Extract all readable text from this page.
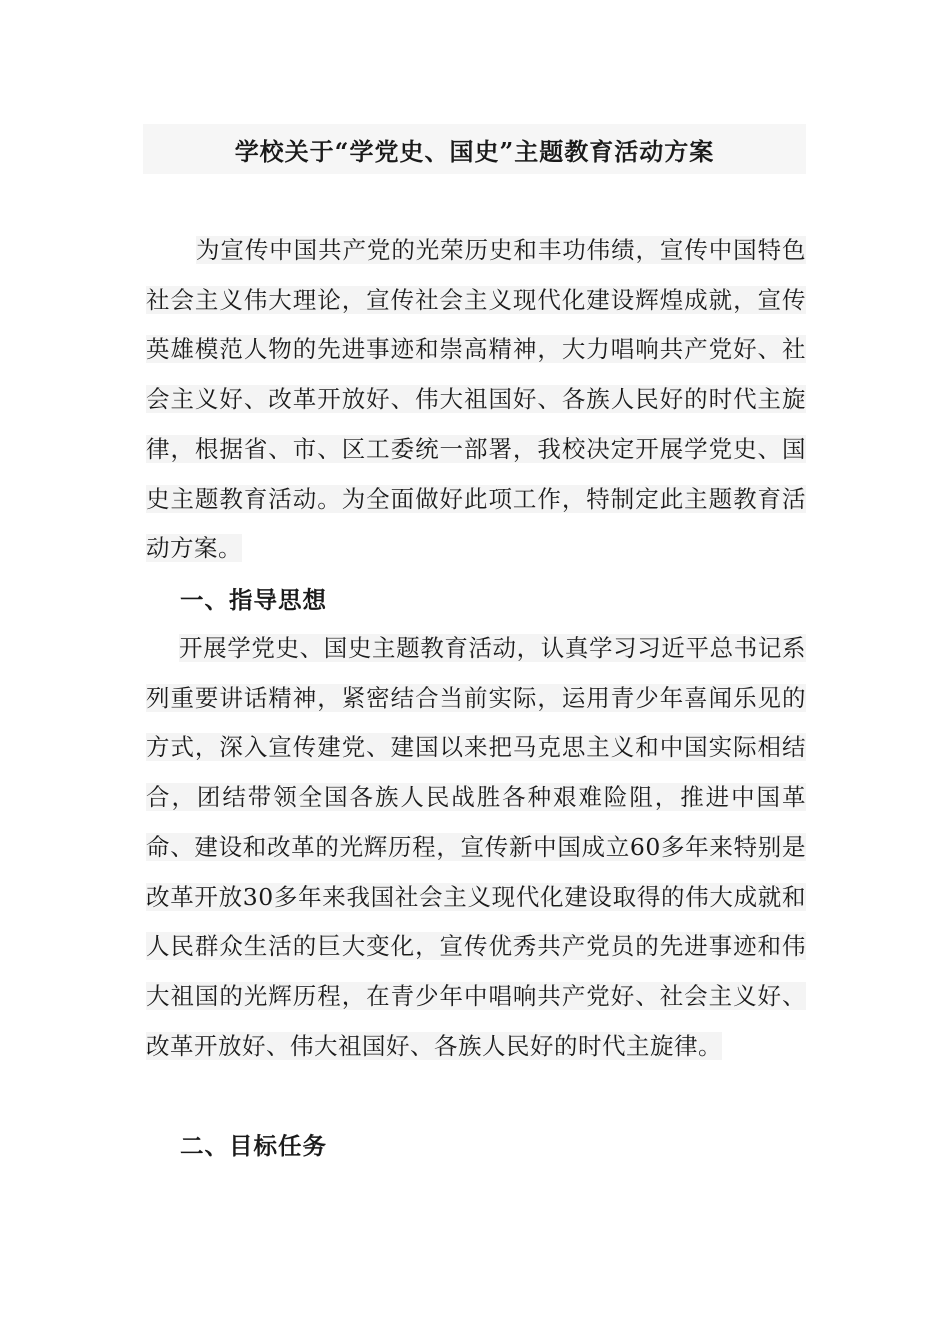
学校关于“学党史、国史”主题教育活动方案

为宣传中国共产党的光荣历史和丰功伟绩，宣传中国特色社会主义伟大理论，宣传社会主义现代化建设辉煌成就，宣传英雄模范人物的先进事迹和崇高精神，大力唱响共产党好、社会主义好、改革开放好、伟大祖国好、各族人民好的时代主旋律，根据省、市、区工委统一部署，我校决定开展学党史、国史主题教育活动。为全面做好此项工作，特制定此主题教育活动方案。

一、指导思想

开展学党史、国史主题教育活动，认真学习习近平总书记系列重要讲话精神，紧密结合当前实际，运用青少年喜闻乐见的方式，深入宣传建党、建国以来把马克思主义和中国实际相结合，团结带领全国各族人民战胜各种艰难险阻，推进中国革命、建设和改革的光辉历程，宣传新中国成立60多年来特别是改革开放30多年来我国社会主义现代化建设取得的伟大成就和人民群众生活的巨大变化，宣传优秀共产党员的先进事迹和伟大祖国的光辉历程，在青少年中唱响共产党好、社会主义好、改革开放好、伟大祖国好、各族人民好的时代主旋律。

二、目标任务
